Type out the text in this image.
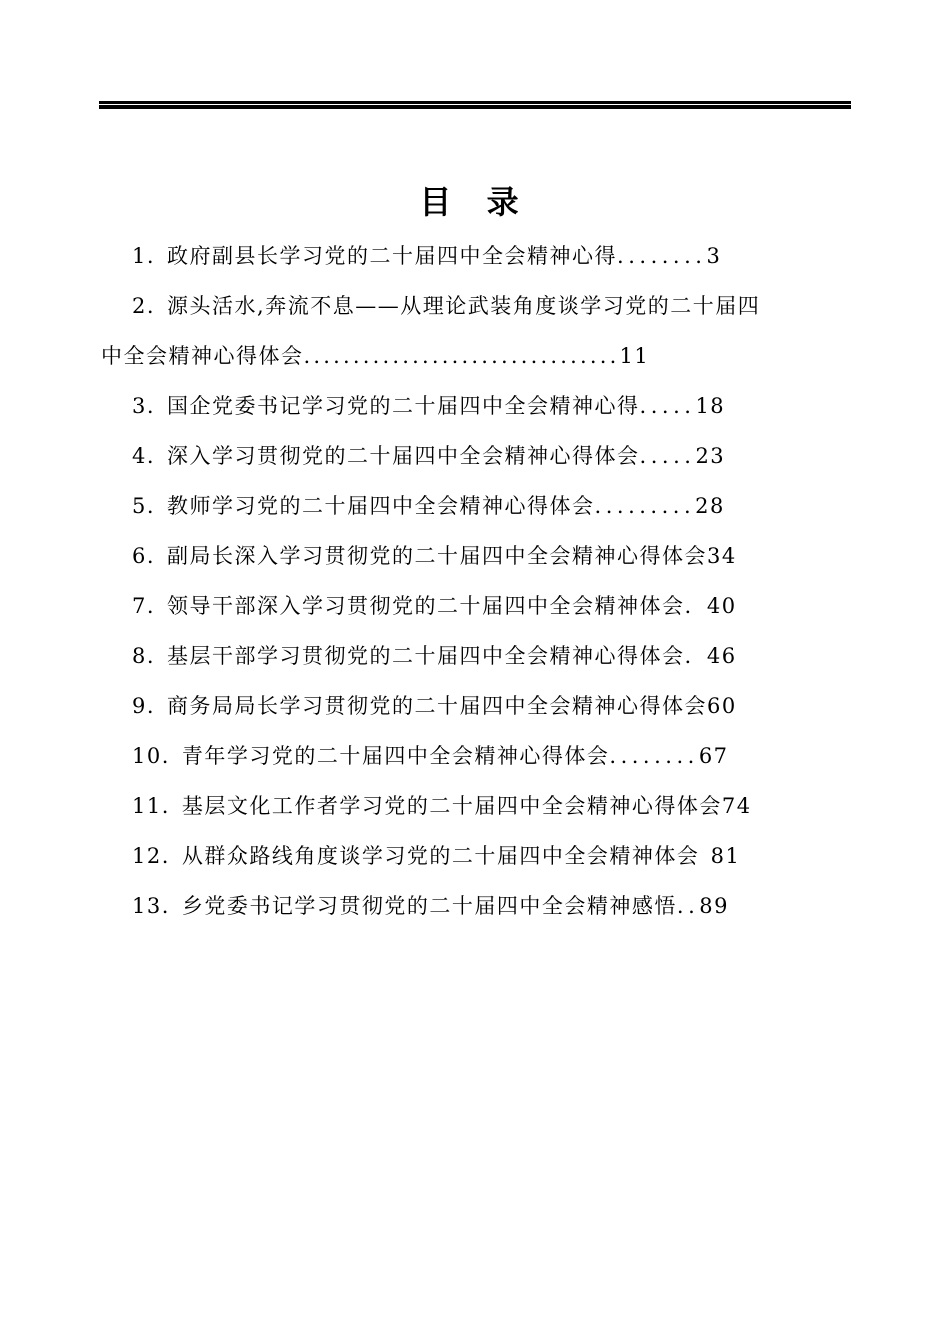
目 录
1. 政府副县长学习党的二十届四中全会精神心得........3
2. 源头活水,奔流不息——从理论武装角度谈学习党的二十届四
中全会精神心得体会................................11
3. 国企党委书记学习党的二十届四中全会精神心得.....18
4. 深入学习贯彻党的二十届四中全会精神心得体会.....23
5. 教师学习党的二十届四中全会精神心得体会.........28
6. 副局长深入学习贯彻党的二十届四中全会精神心得体会34
7. 领导干部深入学习贯彻党的二十届四中全会精神体会. 40
8. 基层干部学习贯彻党的二十届四中全会精神心得体会. 46
9. 商务局局长学习贯彻党的二十届四中全会精神心得体会60
10. 青年学习党的二十届四中全会精神心得体会........67
11. 基层文化工作者学习党的二十届四中全会精神心得体会74
12. 从群众路线角度谈学习党的二十届四中全会精神体会 81
13. 乡党委书记学习贯彻党的二十届四中全会精神感悟..89
